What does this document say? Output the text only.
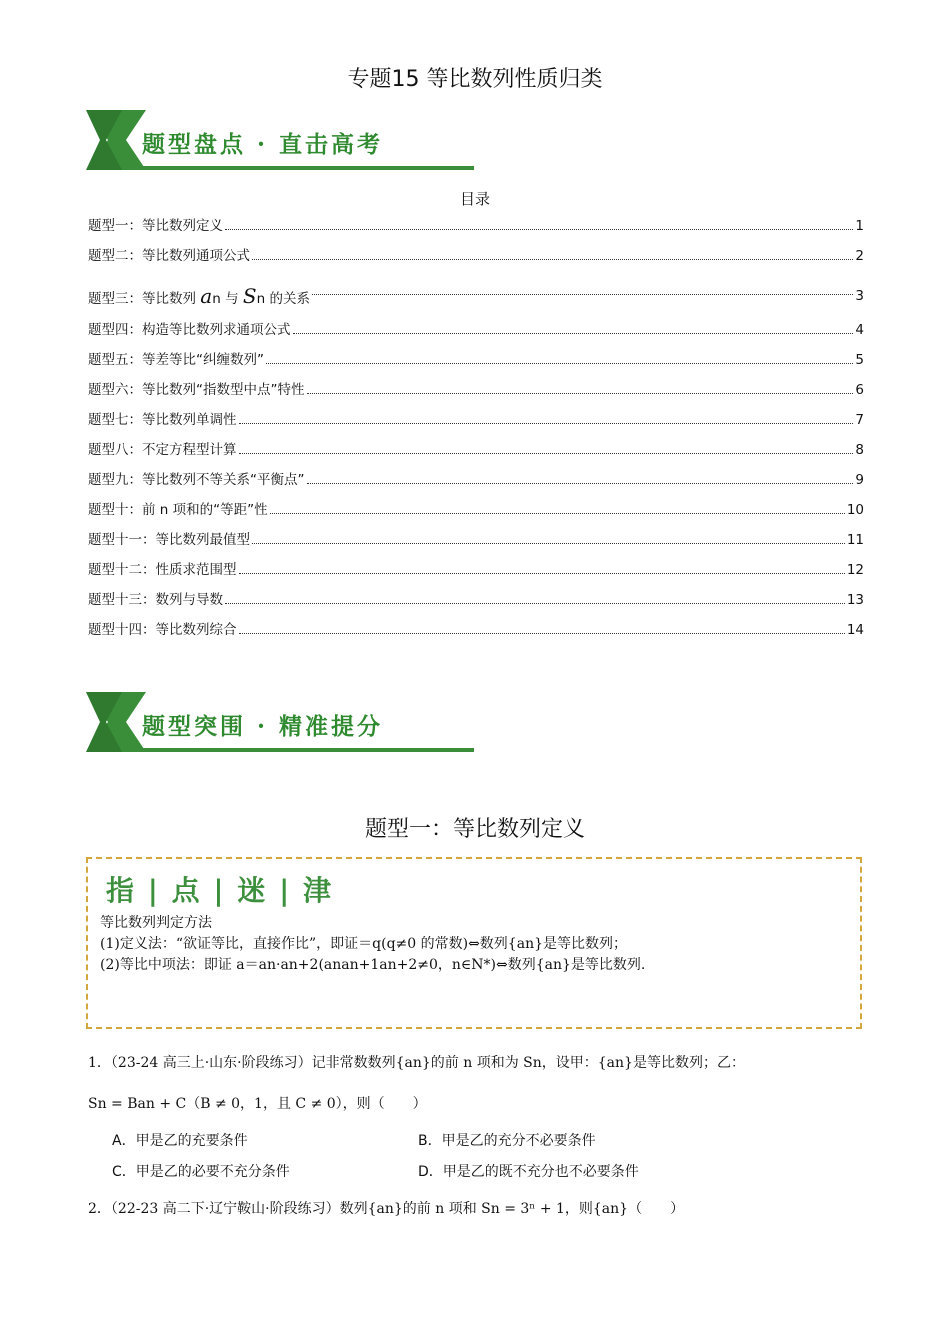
专题15 等比数列性质归类
题型盘点 · 直击高考
目录
题型一：等比数列定义	1
题型二：等比数列通项公式	2
题型三：等比数列 an 与 Sn 的关系	3
题型四：构造等比数列求通项公式	4
题型五：等差等比“纠缠数列”	5
题型六：等比数列“指数型中点”特性	6
题型七：等比数列单调性	7
题型八：不定方程型计算	8
题型九：等比数列不等关系“平衡点”	9
题型十：前 n 项和的“等距”性	10
题型十一：等比数列最值型	11
题型十二：性质求范围型	12
题型十三：数列与导数	13
题型十四：等比数列综合	14
题型突围 · 精准提分
题型一：等比数列定义
指 | 点 | 迷 | 津
等比数列判定方法
(1)定义法：“欲证等比，直接作比”，即证＝q(q≠0 的常数)⇔数列{an}是等比数列；
(2)等比中项法：即证 a＝an·an+2(anan+1an+2≠0，n∈N*)⇔数列{an}是等比数列.
1．（23-24 高三上·山东·阶段练习）记非常数数列{an}的前 n 项和为 Sn，设甲：{an}是等比数列；乙：
Sn = Ban + C（B ≠ 0，1，且 C ≠ 0），则（　　）
A．甲是乙的充要条件	B．甲是乙的充分不必要条件
C．甲是乙的必要不充分条件	D．甲是乙的既不充分也不必要条件
2．（22-23 高二下·辽宁鞍山·阶段练习）数列{an}的前 n 项和 Sn = 3ⁿ + 1，则{an}（　　）
